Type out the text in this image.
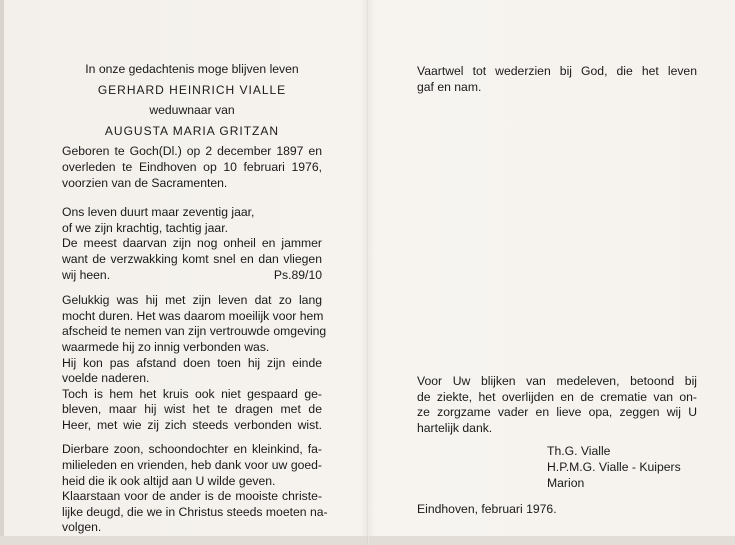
In onze gedachtenis moge blijven leven
GERHARD HEINRICH VIALLE
weduwnaar van
AUGUSTA MARIA GRITZAN
Geboren te Goch(Dl.) op 2 december 1897 en
overleden te Eindhoven op 10 februari 1976,
voorzien van de Sacramenten.
Ons leven duurt maar zeventig jaar,
of we zijn krachtig, tachtig jaar.
De meest daarvan zijn nog onheil en jammer
want de verzwakking komt snel en dan vliegen
wij heen.	Ps.89/10
Gelukkig was hij met zijn leven dat zo lang
mocht duren. Het was daarom moeilijk voor hem
afscheid te nemen van zijn vertrouwde omgeving
waarmede hij zo innig verbonden was.
Hij kon pas afstand doen toen hij zijn einde
voelde naderen.
Toch is hem het kruis ook niet gespaard ge-
bleven, maar hij wist het te dragen met de
Heer, met wie zij zich steeds verbonden wist.
Dierbare zoon, schoondochter en kleinkind, fa-
milieleden en vrienden, heb dank voor uw goed-
heid die ik ook altijd aan U wilde geven.
Klaarstaan voor de ander is de mooiste christe-
lijke deugd, die we in Christus steeds moeten na-
volgen.
Vaartwel tot wederzien bij God, die het leven
gaf en nam.
Voor Uw blijken van medeleven, betoond bij
de ziekte, het overlijden en de crematie van on-
ze zorgzame vader en lieve opa, zeggen wij U
hartelijk dank.
Th.G. Vialle
H.P.M.G. Vialle - Kuipers
Marion
Eindhoven, februari 1976.
